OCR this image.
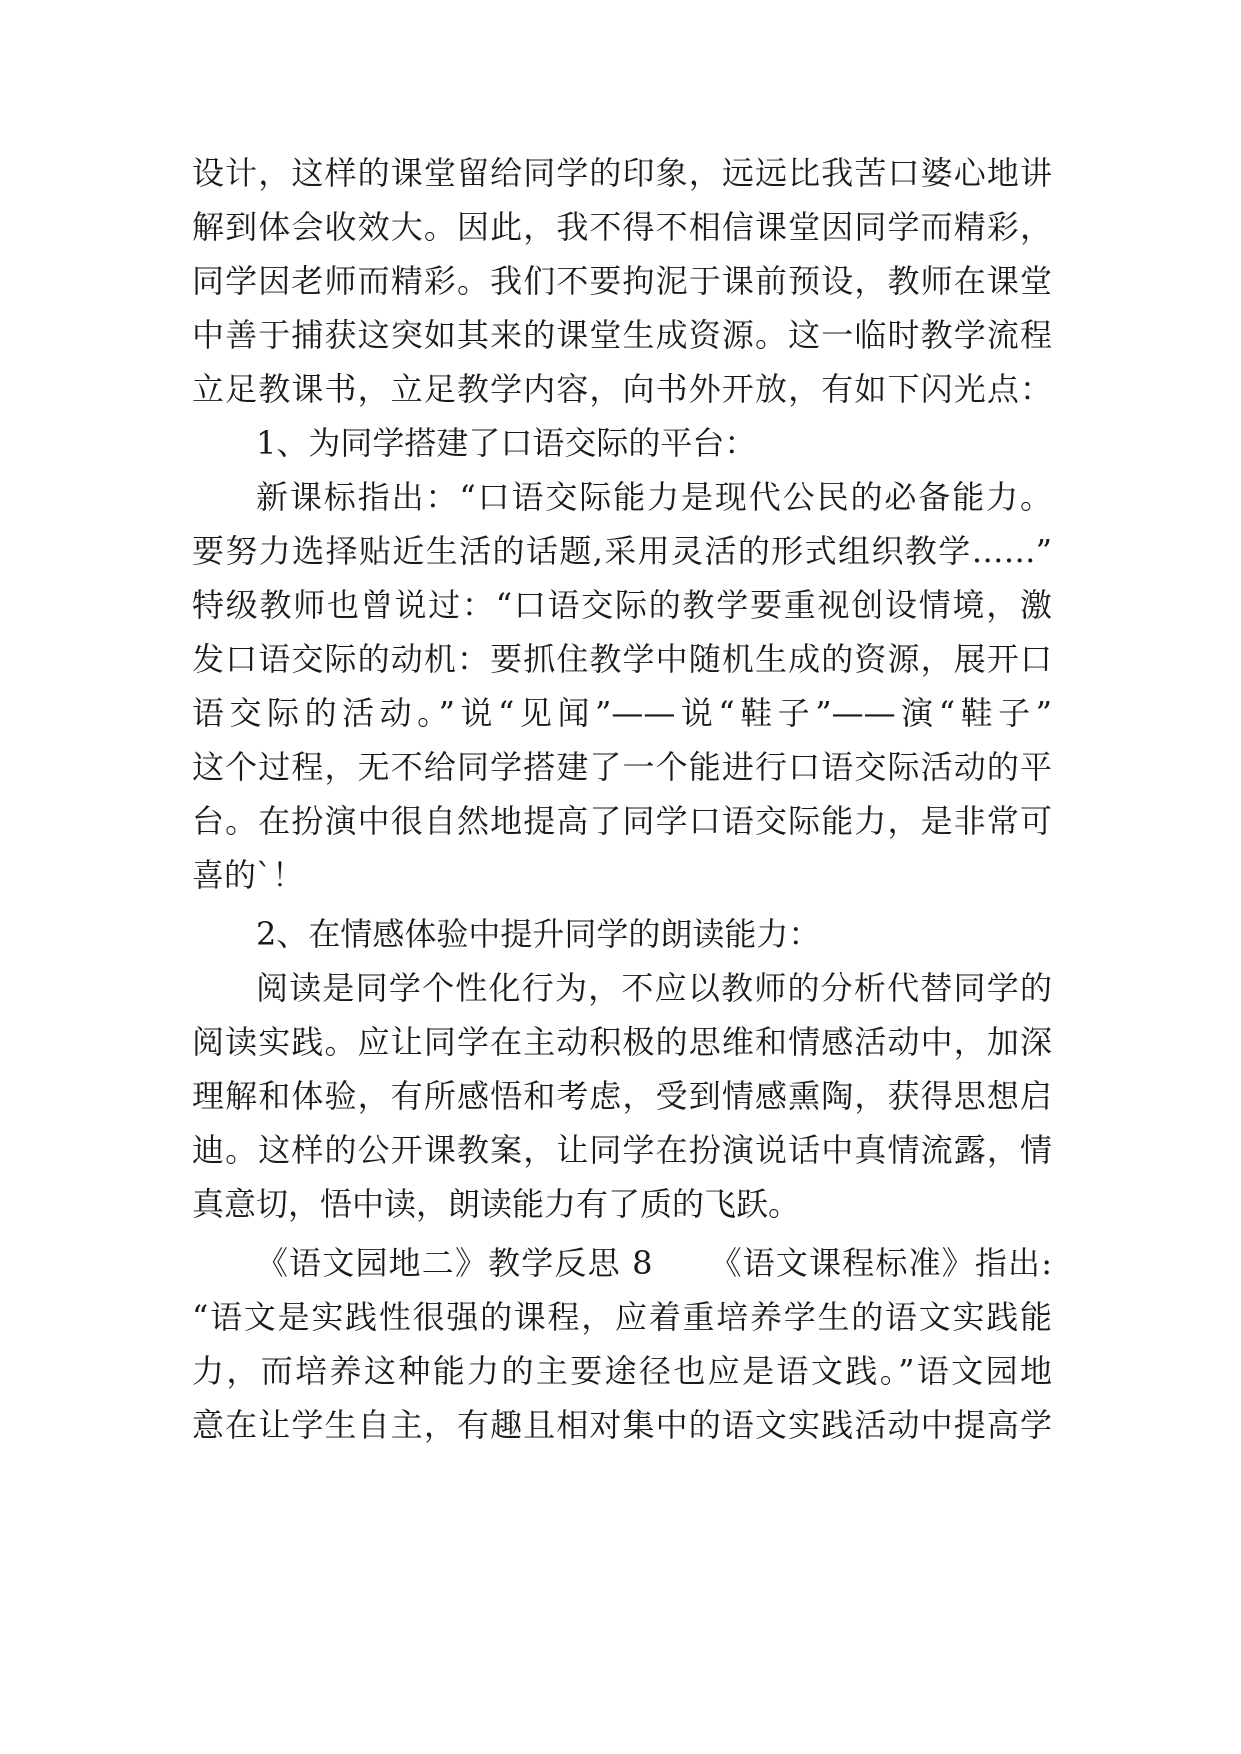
设计，这样的课堂留给同学的印象，远远比我苦口婆心地讲
解到体会收效大。因此，我不得不相信课堂因同学而精彩，
同学因老师而精彩。我们不要拘泥于课前预设，教师在课堂
中善于捕获这突如其来的课堂生成资源。这一临时教学流程
立足教课书，立足教学内容，向书外开放，有如下闪光点：
1、为同学搭建了口语交际的平台：
新课标指出：“口语交际能力是现代公民的必备能力。
要努力选择贴近生活的话题,采用灵活的形式组织教学……”
特级教师也曾说过：“口语交际的教学要重视创设情境，激
发口语交际的动机：要抓住教学中随机生成的资源，展开口
语交际的活动。”说“见闻”——说“鞋子”——演“鞋子”
这个过程，无不给同学搭建了一个能进行口语交际活动的平
台。在扮演中很自然地提高了同学口语交际能力，是非常可
喜的`！
2、在情感体验中提升同学的朗读能力：
阅读是同学个性化行为，不应以教师的分析代替同学的
阅读实践。应让同学在主动积极的思维和情感活动中，加深
理解和体验，有所感悟和考虑，受到情感熏陶，获得思想启
迪。这样的公开课教案，让同学在扮演说话中真情流露，情
真意切，悟中读，朗读能力有了质的飞跃。
《语文园地二》教学反思 8 《语文课程标准》指出:
“语文是实践性很强的课程，应着重培养学生的语文实践能
力，而培养这种能力的主要途径也应是语文践。”语文园地
意在让学生自主，有趣且相对集中的语文实践活动中提高学
